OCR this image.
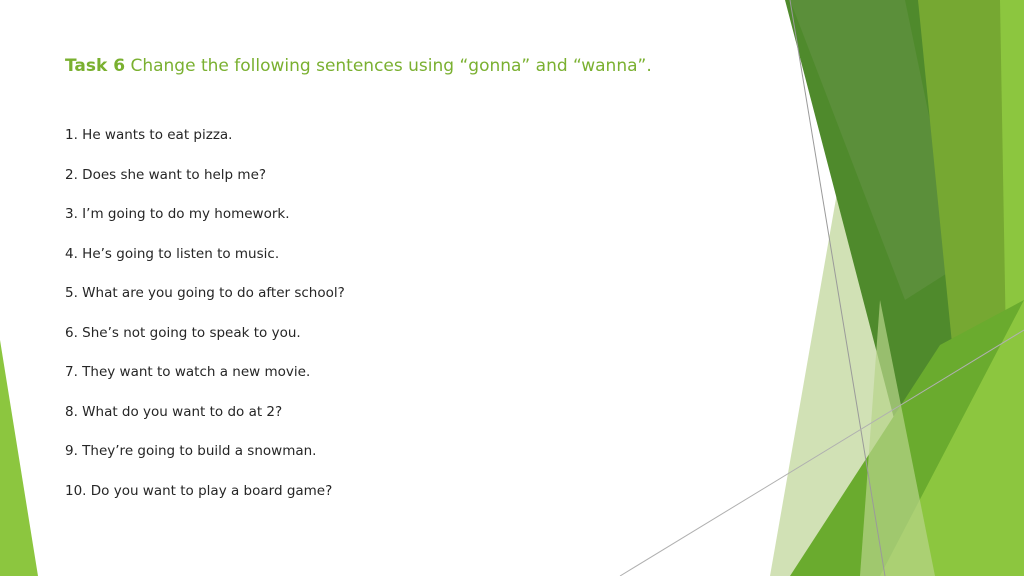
Task 6 Change the following sentences using “gonna” and “wanna”.
1. He wants to eat pizza.
2. Does she want to help me?
3. I’m going to do my homework.
4. He’s going to listen to music.
5. What are you going to do after school?
6. She’s not going to speak to you.
7. They want to watch a new movie.
8. What do you want to do at 2?
9. They’re going to build a snowman.
10. Do you want to play a board game?
